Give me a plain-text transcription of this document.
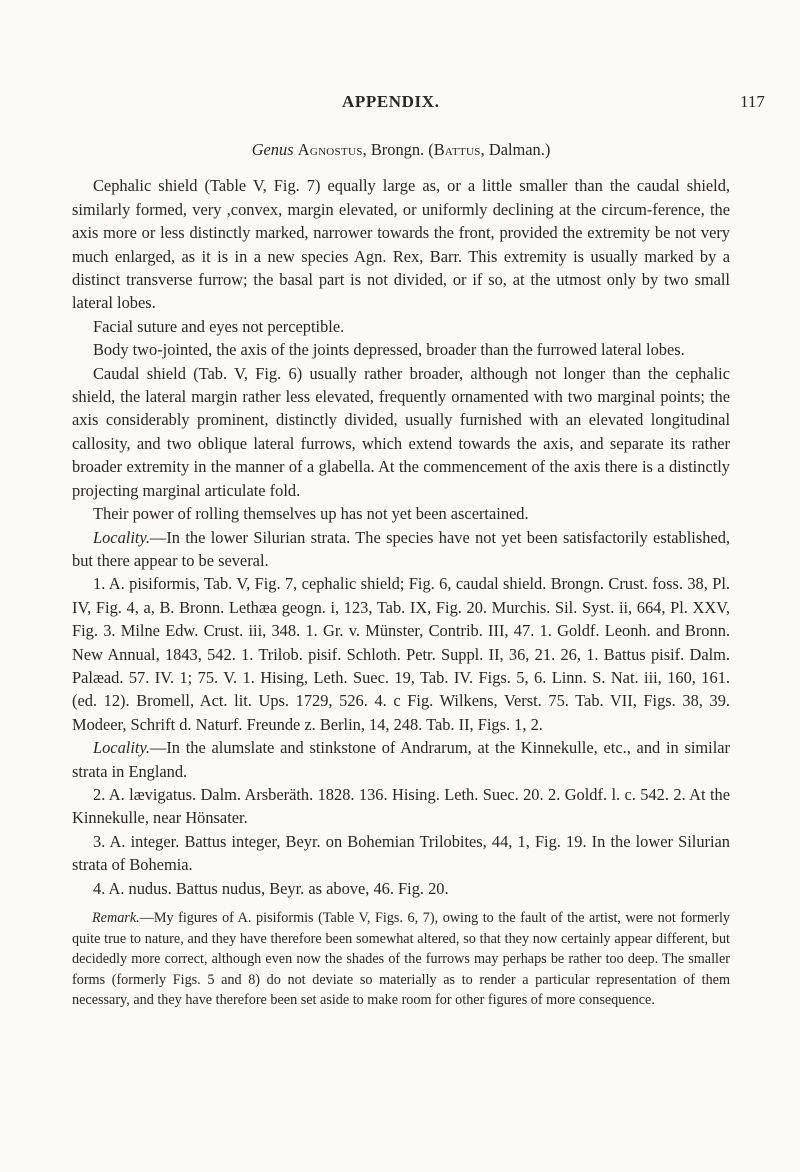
APPENDIX.	117
Genus Agnostus, Brongn. (Battus, Dalman.)

Cephalic shield (Table V, Fig. 7) equally large as, or a little smaller than the caudal shield, similarly formed, very ,convex, margin elevated, or uniformly declining at the circum-ference, the axis more or less distinctly marked, narrower towards the front, provided the extremity be not very much enlarged, as it is in a new species Agn. Rex, Barr. This extremity is usually marked by a distinct transverse furrow; the basal part is not divided, or if so, at the utmost only by two small lateral lobes.

Facial suture and eyes not perceptible.

Body two-jointed, the axis of the joints depressed, broader than the furrowed lateral lobes.

Caudal shield (Tab. V, Fig. 6) usually rather broader, although not longer than the cephalic shield, the lateral margin rather less elevated, frequently ornamented with two marginal points; the axis considerably prominent, distinctly divided, usually furnished with an elevated longitudinal callosity, and two oblique lateral furrows, which extend towards the axis, and separate its rather broader extremity in the manner of a glabella. At the commencement of the axis there is a distinctly projecting marginal articulate fold.

Their power of rolling themselves up has not yet been ascertained.

Locality.—In the lower Silurian strata. The species have not yet been satisfactorily established, but there appear to be several.

1. A. pisiformis, Tab. V, Fig. 7, cephalic shield; Fig. 6, caudal shield. Brongn. Crust. foss. 38, Pl. IV, Fig. 4, a, B. Bronn. Lethæa geogn. i, 123, Tab. IX, Fig. 20. Murchis. Sil. Syst. ii, 664, Pl. XXV, Fig. 3. Milne Edw. Crust. iii, 348. 1. Gr. v. Münster, Contrib. III, 47. 1. Goldf. Leonh. and Bronn. New Annual, 1843, 542. 1. Trilob. pisif. Schloth. Petr. Suppl. II, 36, 21. 26, 1. Battus pisif. Dalm. Palæad. 57. IV. 1; 75. V. 1. Hising, Leth. Suec. 19, Tab. IV. Figs. 5, 6. Linn. S. Nat. iii, 160, 161. (ed. 12). Bromell, Act. lit. Ups. 1729, 526. 4. c Fig. Wilkens, Verst. 75. Tab. VII, Figs. 38, 39. Modeer, Schrift d. Naturf. Freunde z. Berlin, 14, 248. Tab. II, Figs. 1, 2.

Locality.—In the alumslate and stinkstone of Andrarum, at the Kinnekulle, etc., and in similar strata in England.

2. A. lævigatus. Dalm. Arsberäth. 1828. 136. Hising. Leth. Suec. 20. 2. Goldf. l. c. 542. 2. At the Kinnekulle, near Hönsater.

3. A. integer. Battus integer, Beyr. on Bohemian Trilobites, 44, 1, Fig. 19. In the lower Silurian strata of Bohemia.

4. A. nudus. Battus nudus, Beyr. as above, 46. Fig. 20.

Remark.—My figures of A. pisiformis (Table V, Figs. 6, 7), owing to the fault of the artist, were not formerly quite true to nature, and they have therefore been somewhat altered, so that they now certainly appear different, but decidedly more correct, although even now the shades of the furrows may perhaps be rather too deep. The smaller forms (formerly Figs. 5 and 8) do not deviate so materially as to render a particular representation of them necessary, and they have therefore been set aside to make room for other figures of more consequence.
